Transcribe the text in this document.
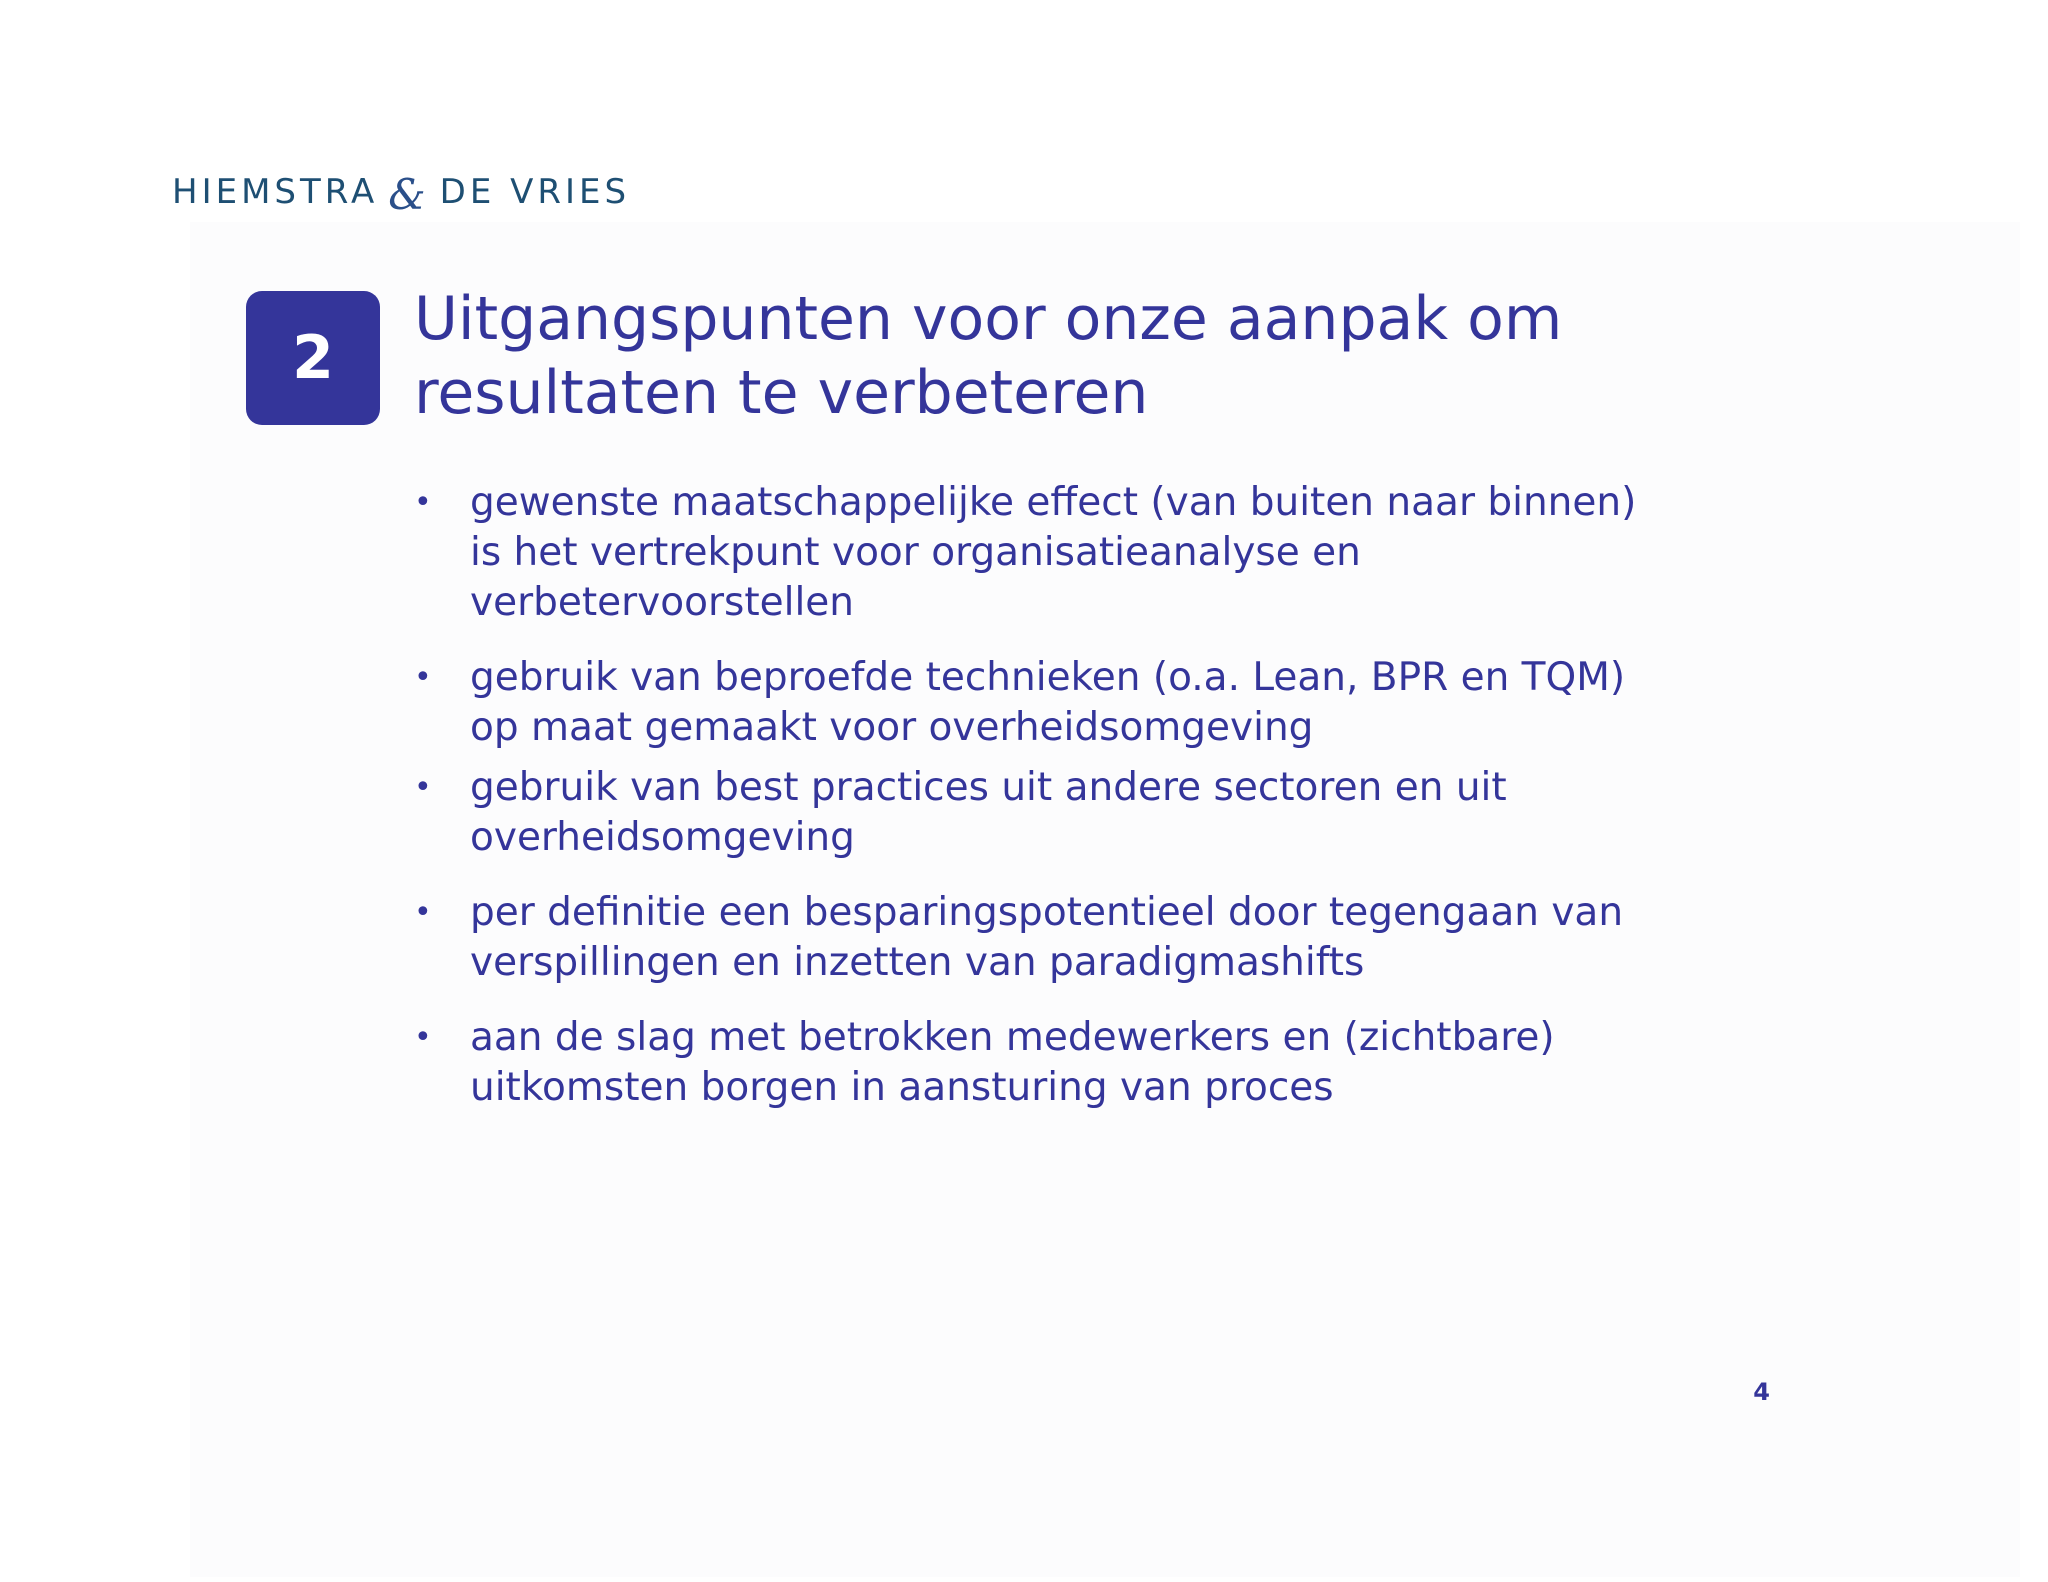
HIEMSTRA & DE VRIES
2
Uitgangspunten voor onze aanpak om
resultaten te verbeteren
• gewenste maatschappelijke effect (van buiten naar binnen)
is het vertrekpunt voor organisatieanalyse en
verbetervoorstellen
• gebruik van beproefde technieken (o.a. Lean, BPR en TQM)
op maat gemaakt voor overheidsomgeving
• gebruik van best practices uit andere sectoren en uit
overheidsomgeving
• per definitie een besparingspotentieel door tegengaan van
verspillingen en inzetten van paradigmashifts
• aan de slag met betrokken medewerkers en (zichtbare)
uitkomsten borgen in aansturing van proces
4
